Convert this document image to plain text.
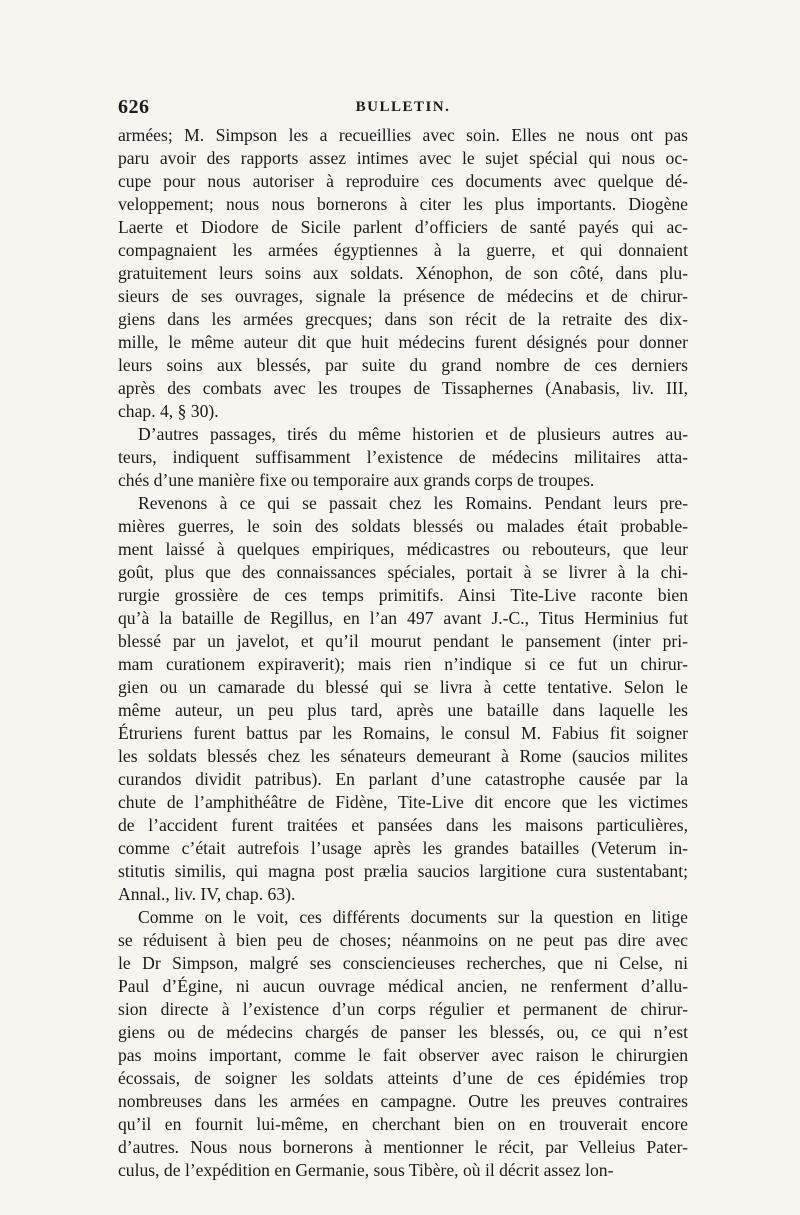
626	BULLETIN.
armées; M. Simpson les a recueillies avec soin. Elles ne nous ont pas
paru avoir des rapports assez intimes avec le sujet spécial qui nous oc-
cupe pour nous autoriser à reproduire ces documents avec quelque dé-
veloppement; nous nous bornerons à citer les plus importants. Diogène
Laerte et Diodore de Sicile parlent d’officiers de santé payés qui ac-
compagnaient les armées égyptiennes à la guerre, et qui donnaient
gratuitement leurs soins aux soldats. Xénophon, de son côté, dans plu-
sieurs de ses ouvrages, signale la présence de médecins et de chirur-
giens dans les armées grecques; dans son récit de la retraite des dix-
mille, le même auteur dit que huit médecins furent désignés pour donner
leurs soins aux blessés, par suite du grand nombre de ces derniers
après des combats avec les troupes de Tissaphernes (Anabasis, liv. III,
chap. 4, § 30).
D’autres passages, tirés du même historien et de plusieurs autres au-
teurs, indiquent suffisamment l’existence de médecins militaires atta-
chés d’une manière fixe ou temporaire aux grands corps de troupes.
Revenons à ce qui se passait chez les Romains. Pendant leurs pre-
mières guerres, le soin des soldats blessés ou malades était probable-
ment laissé à quelques empiriques, médicastres ou rebouteurs, que leur
goût, plus que des connaissances spéciales, portait à se livrer à la chi-
rurgie grossière de ces temps primitifs. Ainsi Tite-Live raconte bien
qu’à la bataille de Regillus, en l’an 497 avant J.-C., Titus Herminius fut
blessé par un javelot, et qu’il mourut pendant le pansement (inter pri-
mam curationem expiraverit); mais rien n’indique si ce fut un chirur-
gien ou un camarade du blessé qui se livra à cette tentative. Selon le
même auteur, un peu plus tard, après une bataille dans laquelle les
Étruriens furent battus par les Romains, le consul M. Fabius fit soigner
les soldats blessés chez les sénateurs demeurant à Rome (saucios milites
curandos dividit patribus). En parlant d’une catastrophe causée par la
chute de l’amphithéâtre de Fidène, Tite-Live dit encore que les victimes
de l’accident furent traitées et pansées dans les maisons particulières,
comme c’était autrefois l’usage après les grandes batailles (Veterum in-
stitutis similis, qui magna post prælia saucios largitione cura sustentabant;
Annal., liv. IV, chap. 63).
Comme on le voit, ces différents documents sur la question en litige
se réduisent à bien peu de choses; néanmoins on ne peut pas dire avec
le Dr Simpson, malgré ses consciencieuses recherches, que ni Celse, ni
Paul d’Égine, ni aucun ouvrage médical ancien, ne renferment d’allu-
sion directe à l’existence d’un corps régulier et permanent de chirur-
giens ou de médecins chargés de panser les blessés, ou, ce qui n’est
pas moins important, comme le fait observer avec raison le chirurgien
écossais, de soigner les soldats atteints d’une de ces épidémies trop
nombreuses dans les armées en campagne. Outre les preuves contraires
qu’il en fournit lui-même, en cherchant bien on en trouverait encore
d’autres. Nous nous bornerons à mentionner le récit, par Velleius Pater-
culus, de l’expédition en Germanie, sous Tibère, où il décrit assez lon-
